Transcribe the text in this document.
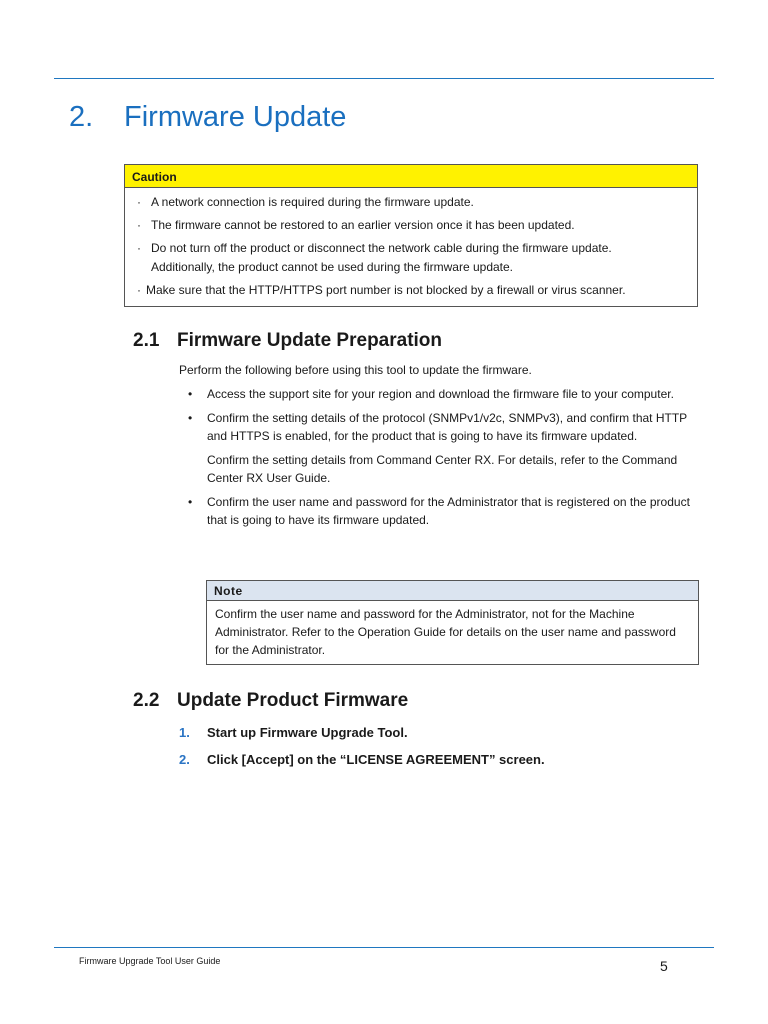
2. Firmware Update
Caution
· A network connection is required during the firmware update.
· The firmware cannot be restored to an earlier version once it has been updated.
· Do not turn off the product or disconnect the network cable during the firmware update.
Additionally, the product cannot be used during the firmware update.
· Make sure that the HTTP/HTTPS port number is not blocked by a firewall or virus scanner.
2.1 Firmware Update Preparation
Perform the following before using this tool to update the firmware.
• Access the support site for your region and download the firmware file to your computer.
• Confirm the setting details of the protocol (SNMPv1/v2c, SNMPv3), and confirm that HTTP and HTTPS is enabled, for the product that is going to have its firmware updated.
Confirm the setting details from Command Center RX. For details, refer to the Command Center RX User Guide.
• Confirm the user name and password for the Administrator that is registered on the product that is going to have its firmware updated.
Note
Confirm the user name and password for the Administrator, not for the Machine Administrator. Refer to the Operation Guide for details on the user name and password for the Administrator.
2.2 Update Product Firmware
1. Start up Firmware Upgrade Tool.
2. Click [Accept] on the “LICENSE AGREEMENT” screen.
Firmware Upgrade Tool User Guide	5
